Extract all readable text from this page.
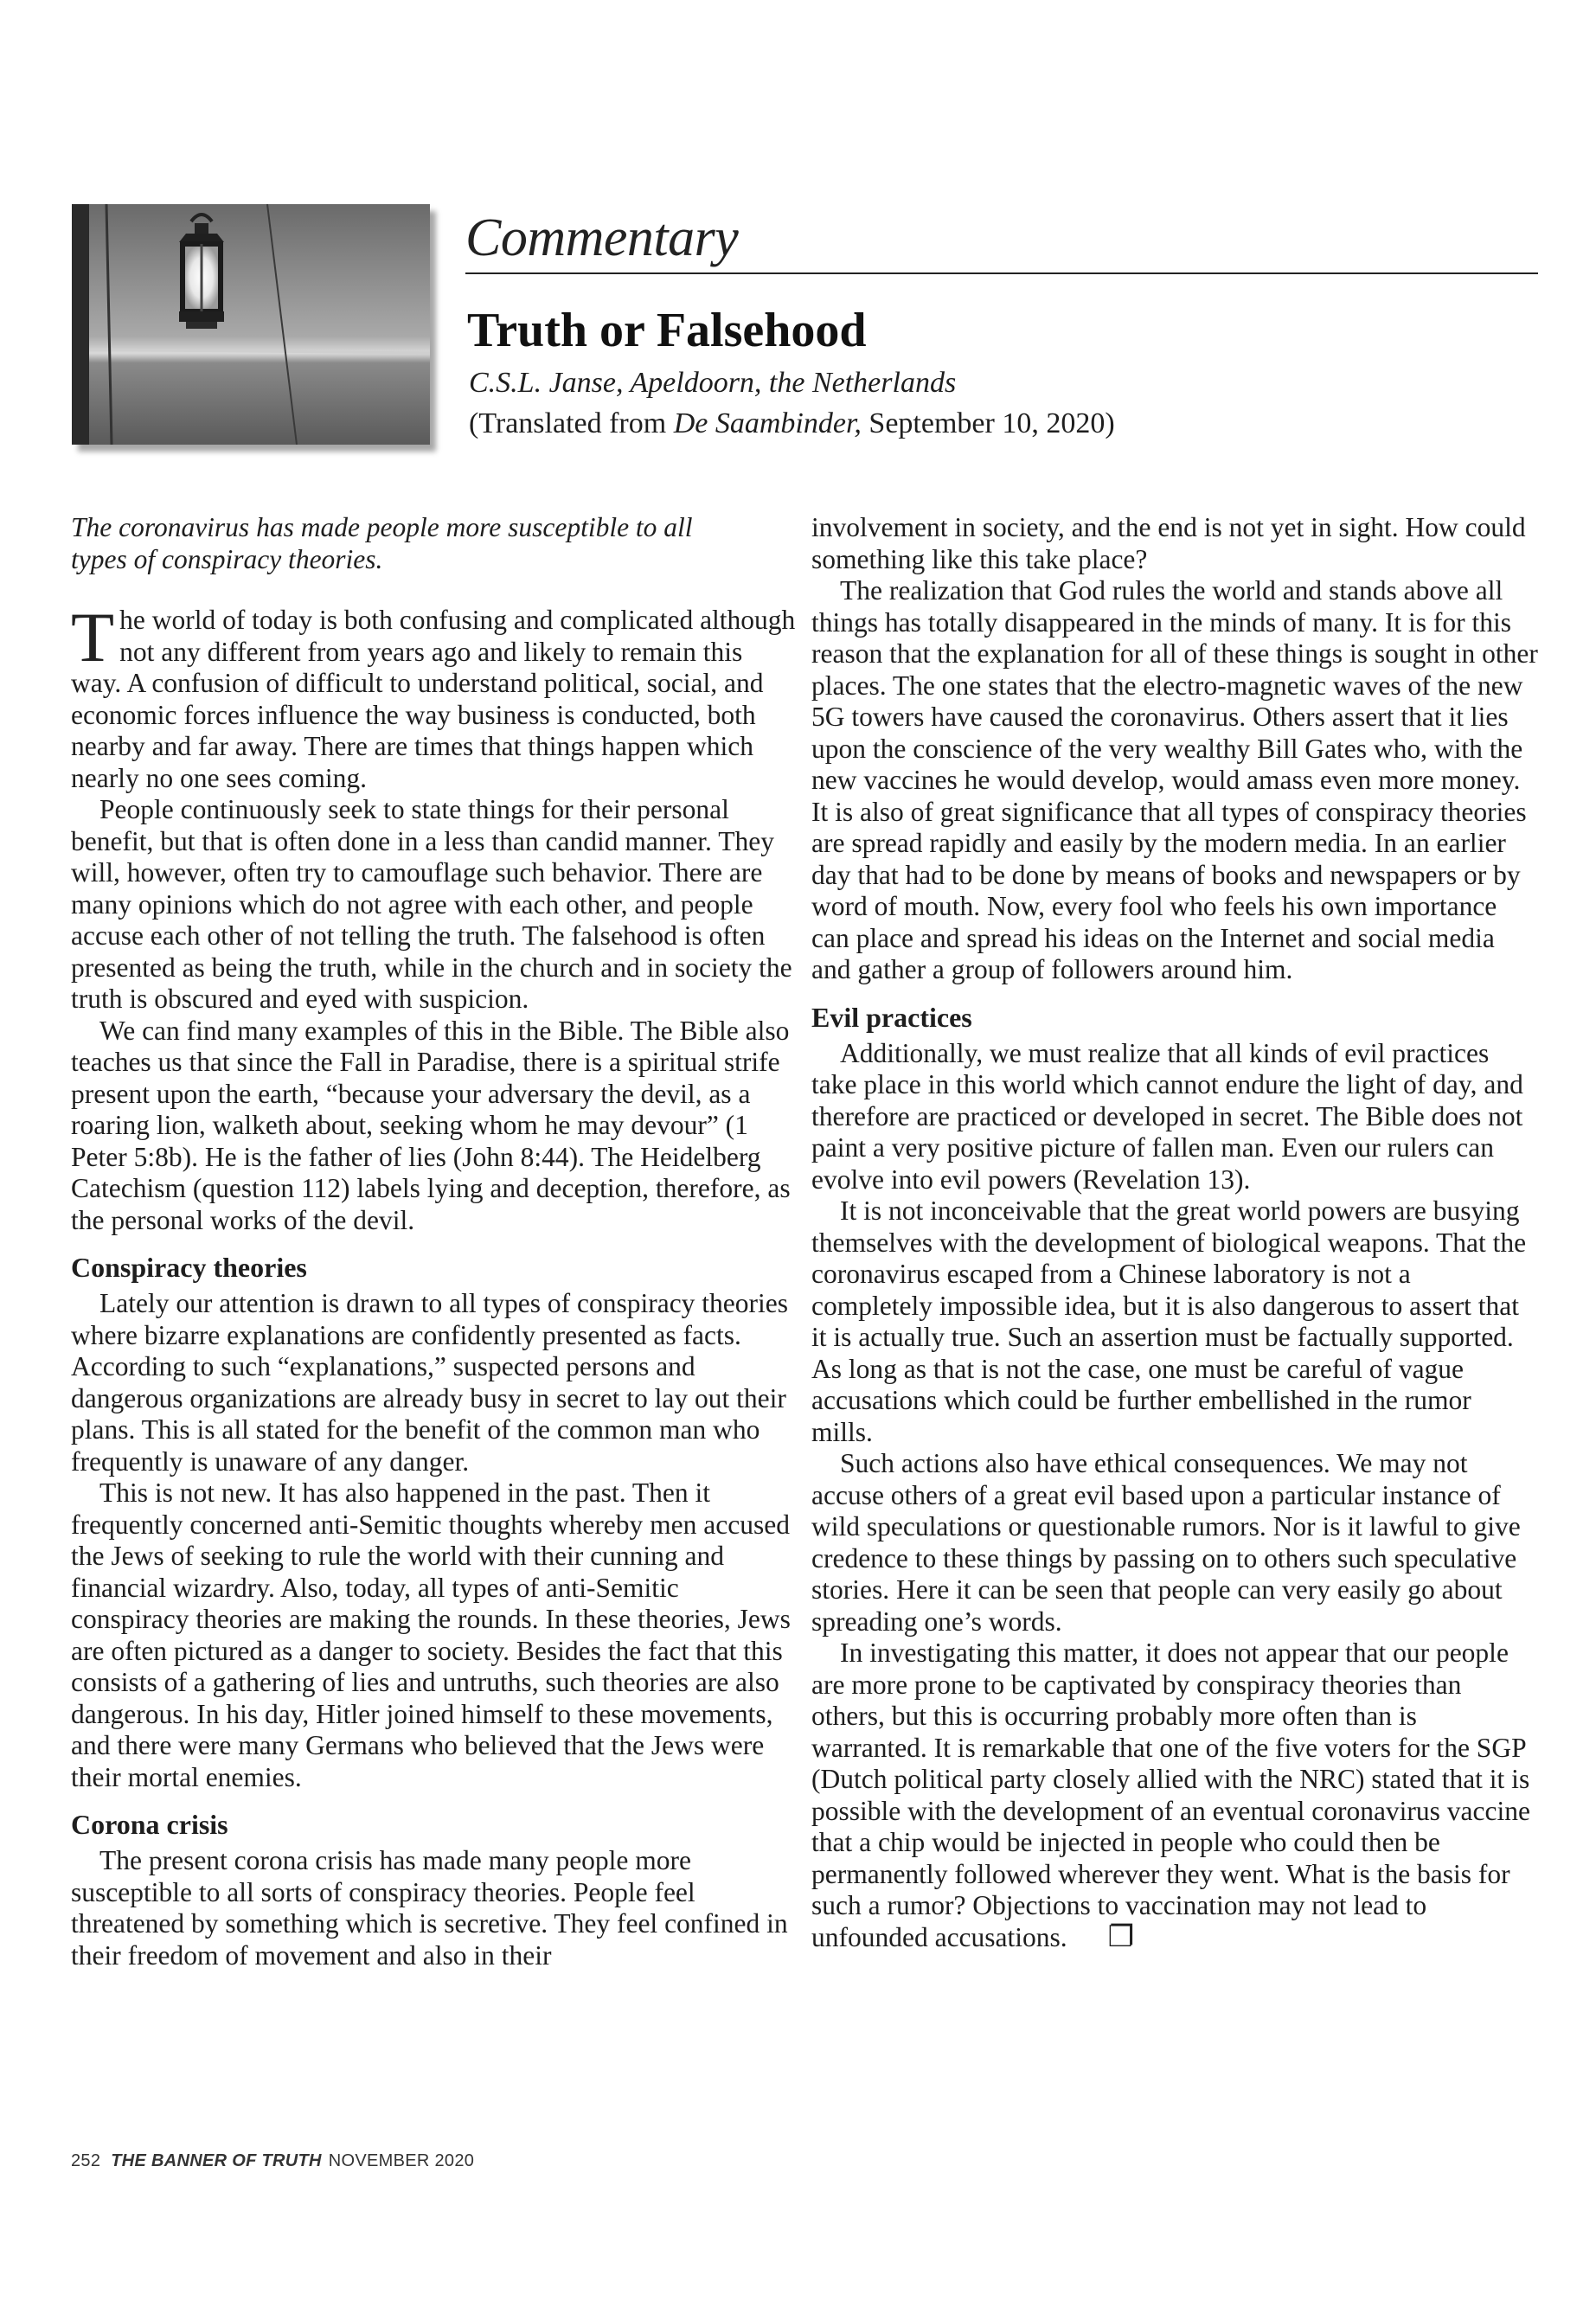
Commentary
Truth or Falsehood
C.S.L. Janse, Apeldoorn, the Netherlands
(Translated from De Saambinder, September 10, 2020)

The coronavirus has made people more susceptible to all types of conspiracy theories.

The world of today is both confusing and complicated although not any different from years ago and likely to remain this way. A confusion of difficult to understand political, social, and economic forces influence the way business is conducted, both nearby and far away. There are times that things happen which nearly no one sees coming.

People continuously seek to state things for their personal benefit, but that is often done in a less than candid manner. They will, however, often try to camouflage such behavior. There are many opinions which do not agree with each other, and people accuse each other of not telling the truth. The falsehood is often presented as being the truth, while in the church and in society the truth is obscured and eyed with suspicion.

We can find many examples of this in the Bible. The Bible also teaches us that since the Fall in Paradise, there is a spiritual strife present upon the earth, “because your adversary the devil, as a roaring lion, walketh about, seeking whom he may devour” (1 Peter 5:8b). He is the father of lies (John 8:44). The Heidelberg Catechism (question 112) labels lying and deception, therefore, as the personal works of the devil.

Conspiracy theories

Lately our attention is drawn to all types of conspiracy theories where bizarre explanations are confidently presented as facts. According to such “explanations,” suspected persons and dangerous organizations are already busy in secret to lay out their plans. This is all stated for the benefit of the common man who frequently is unaware of any danger.

This is not new. It has also happened in the past. Then it frequently concerned anti-Semitic thoughts whereby men accused the Jews of seeking to rule the world with their cunning and financial wizardry. Also, today, all types of anti-Semitic conspiracy theories are making the rounds. In these theories, Jews are often pictured as a danger to society. Besides the fact that this consists of a gathering of lies and untruths, such theories are also dangerous. In his day, Hitler joined himself to these movements, and there were many Germans who believed that the Jews were their mortal enemies.

Corona crisis

The present corona crisis has made many people more susceptible to all sorts of conspiracy theories. People feel threatened by something which is secretive. They feel confined in their freedom of movement and also in their

involvement in society, and the end is not yet in sight. How could something like this take place?

The realization that God rules the world and stands above all things has totally disappeared in the minds of many. It is for this reason that the explanation for all of these things is sought in other places. The one states that the electro-magnetic waves of the new 5G towers have caused the coronavirus. Others assert that it lies upon the conscience of the very wealthy Bill Gates who, with the new vaccines he would develop, would amass even more money. It is also of great significance that all types of conspiracy theories are spread rapidly and easily by the modern media. In an earlier day that had to be done by means of books and newspapers or by word of mouth. Now, every fool who feels his own importance can place and spread his ideas on the Internet and social media and gather a group of followers around him.

Evil practices

Additionally, we must realize that all kinds of evil practices take place in this world which cannot endure the light of day, and therefore are practiced or developed in secret. The Bible does not paint a very positive picture of fallen man. Even our rulers can evolve into evil powers (Revelation 13).

It is not inconceivable that the great world powers are busying themselves with the development of biological weapons. That the coronavirus escaped from a Chinese laboratory is not a completely impossible idea, but it is also dangerous to assert that it is actually true. Such an assertion must be factually supported. As long as that is not the case, one must be careful of vague accusations which could be further embellished in the rumor mills.

Such actions also have ethical consequences. We may not accuse others of a great evil based upon a particular instance of wild speculations or questionable rumors. Nor is it lawful to give credence to these things by passing on to others such speculative stories. Here it can be seen that people can very easily go about spreading one’s words.

In investigating this matter, it does not appear that our people are more prone to be captivated by conspiracy theories than others, but this is occurring probably more often than is warranted. It is remarkable that one of the five voters for the SGP (Dutch political party closely allied with the NRC) stated that it is possible with the development of an eventual coronavirus vaccine that a chip would be injected in people who could then be permanently followed wherever they went. What is the basis for such a rumor? Objections to vaccination may not lead to unfounded accusations. ❐

252 THE BANNER OF TRUTH NOVEMBER 2020
